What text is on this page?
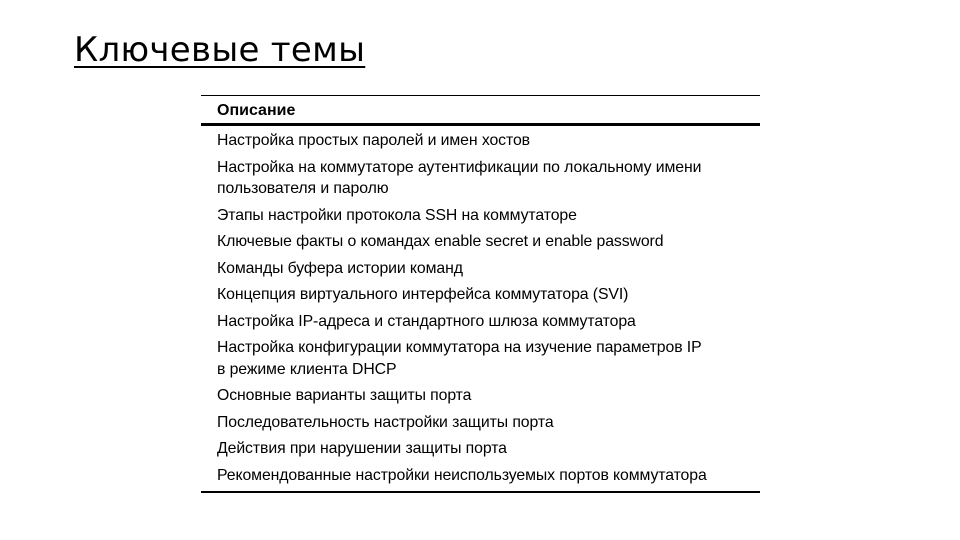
Ключевые темы
Описание
Настройка простых паролей и имен хостов
Настройка на коммутаторе аутентификации по локальному именипользователя и паролю
Этапы настройки протокола SSH на коммутаторе
Ключевые факты о командах enable secret и enable password
Команды буфера истории команд
Концепция виртуального интерфейса коммутатора (SVI)
Настройка IP-адреса и стандартного шлюза коммутатора
Настройка конфигурации коммутатора на изучение параметров IPв режиме клиента DHCP
Основные варианты защиты порта
Последовательность настройки защиты порта
Действия при нарушении защиты порта
Рекомендованные настройки неиспользуемых портов коммутатора
